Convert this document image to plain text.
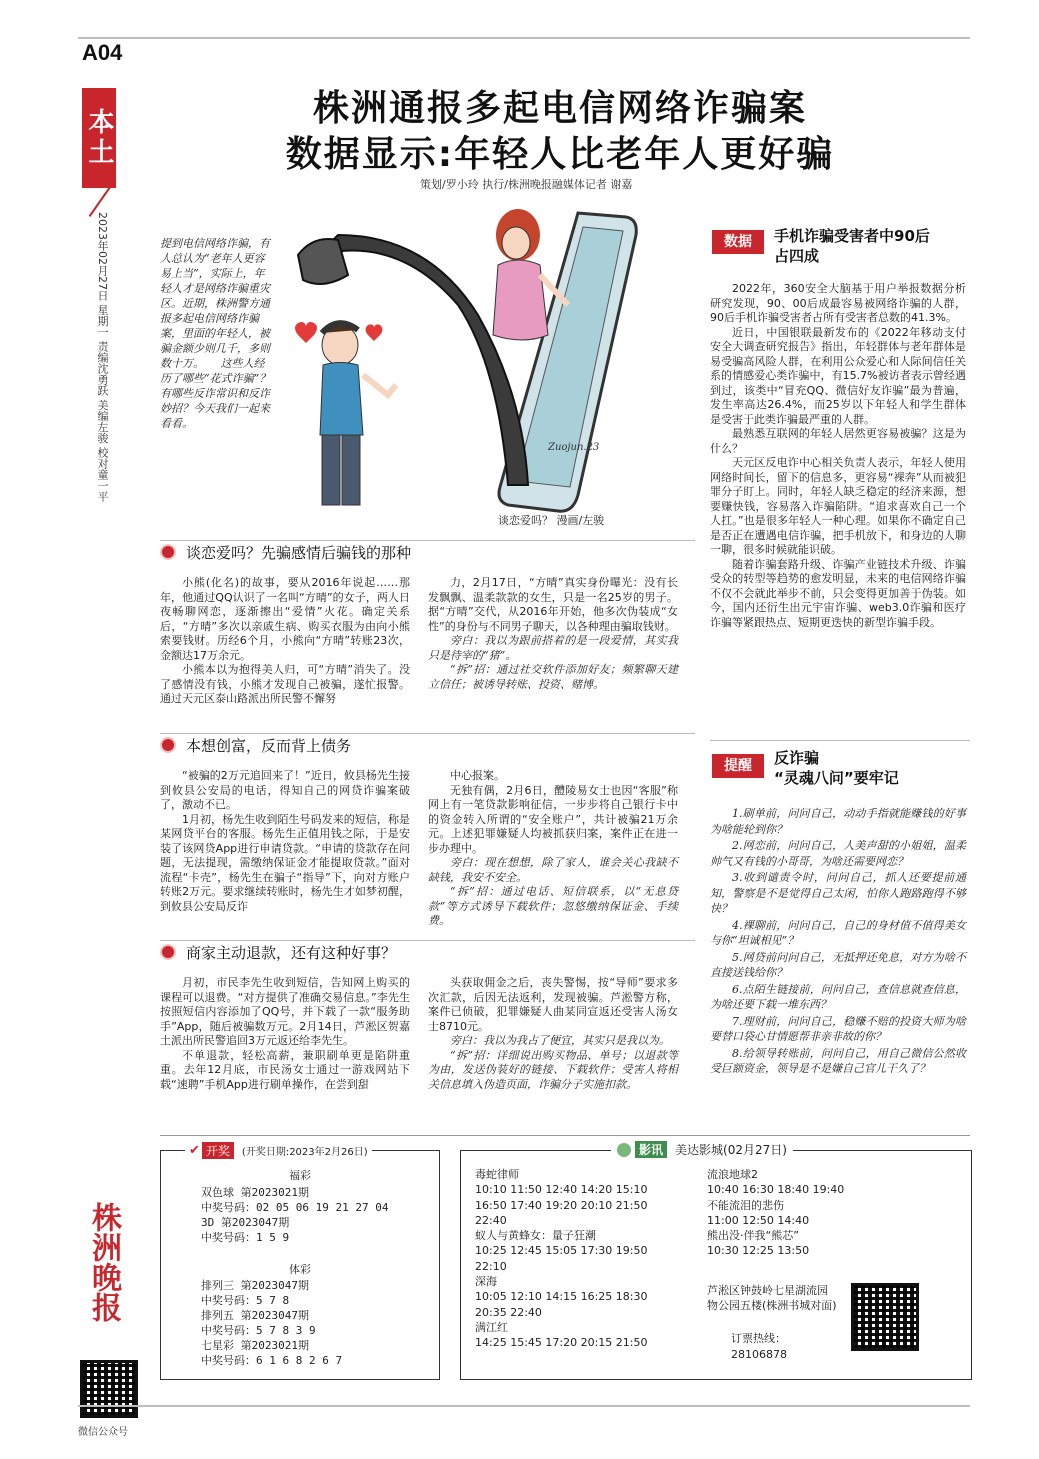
A04
本土
2023年02月27日 星期一 责编沈勇跃 美编左骏 校对童一平
株洲晚报
微信公众号
株洲通报多起电信网络诈骗案
数据显示:年轻人比老年人更好骗
策划/罗小玲 执行/株洲晚报融媒体记者 谢嘉
提到电信网络诈骗，有人总认为“老年人更容易上当”，实际上，年轻人才是网络诈骗重灾区。近期，株洲警方通报多起电信网络诈骗案，里面的年轻人，被骗金额少则几千，多则数十万。　　这些人经历了哪些“花式诈骗”？有哪些反诈常识和反诈妙招？今天我们一起来看看。
Zuojun.23
谈恋爱吗？ 漫画/左骏
谈恋爱吗？先骗感情后骗钱的那种

小熊(化名)的故事，要从2016年说起……那年，他通过QQ认识了一名叫“方晴”的女子，两人日夜畅聊网恋，逐渐擦出“爱情”火花。确定关系后，“方晴”多次以亲戚生病、购买衣服为由向小熊索要钱财。历经6个月，小熊向“方晴”转账23次，金额达17万余元。

小熊本以为抱得美人归，可“方晴”消失了。没了感情没有钱，小熊才发现自己被骗，遂忙报警。通过天元区泰山路派出所民警不懈努

力，2月17日，“方晴”真实身份曝光：没有长发飘飘、温柔款款的女生，只是一名25岁的男子。据“方晴”交代，从2016年开始，他多次伪装成“女性”的身份与不同男子聊天，以各种理由骗取钱财。

旁白：我以为跟前搭着的是一段爱情，其实我只是待宰的“猪”。

“拆”招：通过社交软件添加好友；频繁聊天建立信任；被诱导转账、投资、赌博。

本想创富，反而背上债务

“被骗的2万元追回来了！”近日，攸县杨先生接到攸县公安局的电话，得知自己的网贷诈骗案破了，激动不已。

1月初，杨先生收到陌生号码发来的短信，称是某网贷平台的客服。杨先生正值用钱之际，于是安装了该网贷App进行申请贷款。“申请的贷款存在问题，无法提现，需缴纳保证金才能提取贷款。”面对流程“卡壳”，杨先生在骗子“指导”下，向对方账户转账2万元。要求继续转账时，杨先生才如梦初醒，到攸县公安局反诈

中心报案。

无独有偶，2月6日，醴陵易女士也因“客服”称网上有一笔贷款影响征信，一步步将自己银行卡中的资金转入所谓的“安全账户”，共计被骗21万余元。上述犯罪嫌疑人均被抓获归案，案件正在进一步办理中。

旁白：现在想想，除了家人，谁会关心我缺不缺钱，我安不安全。

“拆”招：通过电话、短信联系，以“无息贷款”等方式诱导下载软件；忽悠缴纳保证金、手续费。

商家主动退款，还有这种好事？

月初，市民李先生收到短信，告知网上购买的课程可以退费。“对方提供了准确交易信息。”李先生按照短信内容添加了QQ号，并下载了一款“服务助手”App，随后被骗数万元。2月14日，芦淞区贺嘉土派出所民警追回3万元返还给李先生。

不单退款，轻松高薪，兼职刷单更是陷阱重重。去年12月底，市民汤女士通过一游戏网站下载“速聘”手机App进行刷单操作，在尝到甜

头获取佣金之后，丧失警惕，按“导师”要求多次汇款，后因无法返利，发现被骗。芦淞警方称，案件已侦破，犯罪嫌疑人曲某同宣返还受害人汤女士8710元。

旁白：我以为我占了便宜，其实只是我以为。

“拆”招：详细说出购买物品、单号；以退款等为由，发送伪装好的链接、下载软件；受害人将相关信息填入伪造页面，诈骗分子实施扣款。

数据	手机诈骗受害者中90后占四成

2022年，360安全大脑基于用户举报数据分析研究发现，90、00后成最容易被网络诈骗的人群，90后手机诈骗受害者占所有受害者总数的41.3%。

近日，中国银联最新发布的《2022年移动支付安全大调查研究报告》指出，年轻群体与老年群体是易受骗高风险人群，在利用公众爱心和人际间信任关系的情感爱心类诈骗中，有15.7%被访者表示曾经遇到过，该类中“冒充QQ、微信好友诈骗”最为普遍，发生率高达26.4%，而25岁以下年轻人和学生群体是受害于此类诈骗最严重的人群。

最熟悉互联网的年轻人居然更容易被骗？这是为什么？

天元区反电诈中心相关负责人表示，年轻人使用网络时间长，留下的信息多，更容易“裸奔”从而被犯罪分子盯上。同时，年轻人缺乏稳定的经济来源，想要赚快钱，容易落入诈骗陷阱。“追求喜欢自己一个人扛。”也是很多年轻人一种心理。如果你不确定自己是否正在遭遇电信诈骗，把手机放下，和身边的人聊一聊，很多时候就能识破。

随着诈骗套路升级、诈骗产业链技术升级、诈骗受众的转型等趋势的愈发明显，未来的电信网络诈骗不仅不会就此举步不前，只会变得更加善于伪装。如今，国内还衍生出元宇宙诈骗、web3.0诈骗和医疗诈骗等紧跟热点、短期更迭快的新型诈骗手段。

提醒	反诈骗
“灵魂八问”要牢记

1.刷单前，问问自己，动动手指就能赚钱的好事为啥能轮到你？

2.网恋前，问问自己，人美声甜的小姐姐，温柔帅气又有钱的小哥哥，为啥还需要网恋？

3.收到谴责令时，问问自己，抓人还要提前通知，警察是不是觉得自己太闲，怕你人跑路跑得不够快？

4.裸聊前，问问自己，自己的身材值不值得美女与你“坦诚相见”？

5.网贷前问问自己，无抵押还免息，对方为啥不直接送钱给你？

6.点陌生链接前，问问自己，查信息就查信息，为啥还要下载一堆东西？

7.理财前，问问自己，稳赚不赔的投资大师为啥要替口袋心甘情愿帮非亲非故的你？

8.给领导转账前，问问自己，用自己微信公然收受巨额资金，领导是不是嫌自己官儿干久了？

✔ 开奖	(开奖日期:2023年2月26日)
福彩
双色球 第2023021期
中奖号码：02 05 06 19 21 27 04
3D 第2023047期
中奖号码：1 5 9
体彩
排列三 第2023047期
中奖号码：5 7 8
排列五 第2023047期
中奖号码：5 7 8 3 9
七星彩 第2023021期
中奖号码：6 1 6 8 2 6 7
影讯	美达影城(02月27日)
毒蛇律师
10:10 11:50 12:40 14:20 15:10
16:50 17:40 19:20 20:10 21:50
22:40
蚁人与黄蜂女：量子狂潮
10:25 12:45 15:05 17:30 19:50
22:10
深海
10:05 12:10 14:15 16:25 18:30
20:35 22:40
满江红
14:25 15:45 17:20 20:15 21:50
流浪地球2
10:40 16:30 18:40 19:40
不能流泪的悲伤
11:00 12:50 14:40
熊出没·伴我“熊芯”
10:30 12:25 13:50
芦淞区钟鼓岭七星湖流园物公园五楼(株洲书城对面)
订票热线：
28106878
